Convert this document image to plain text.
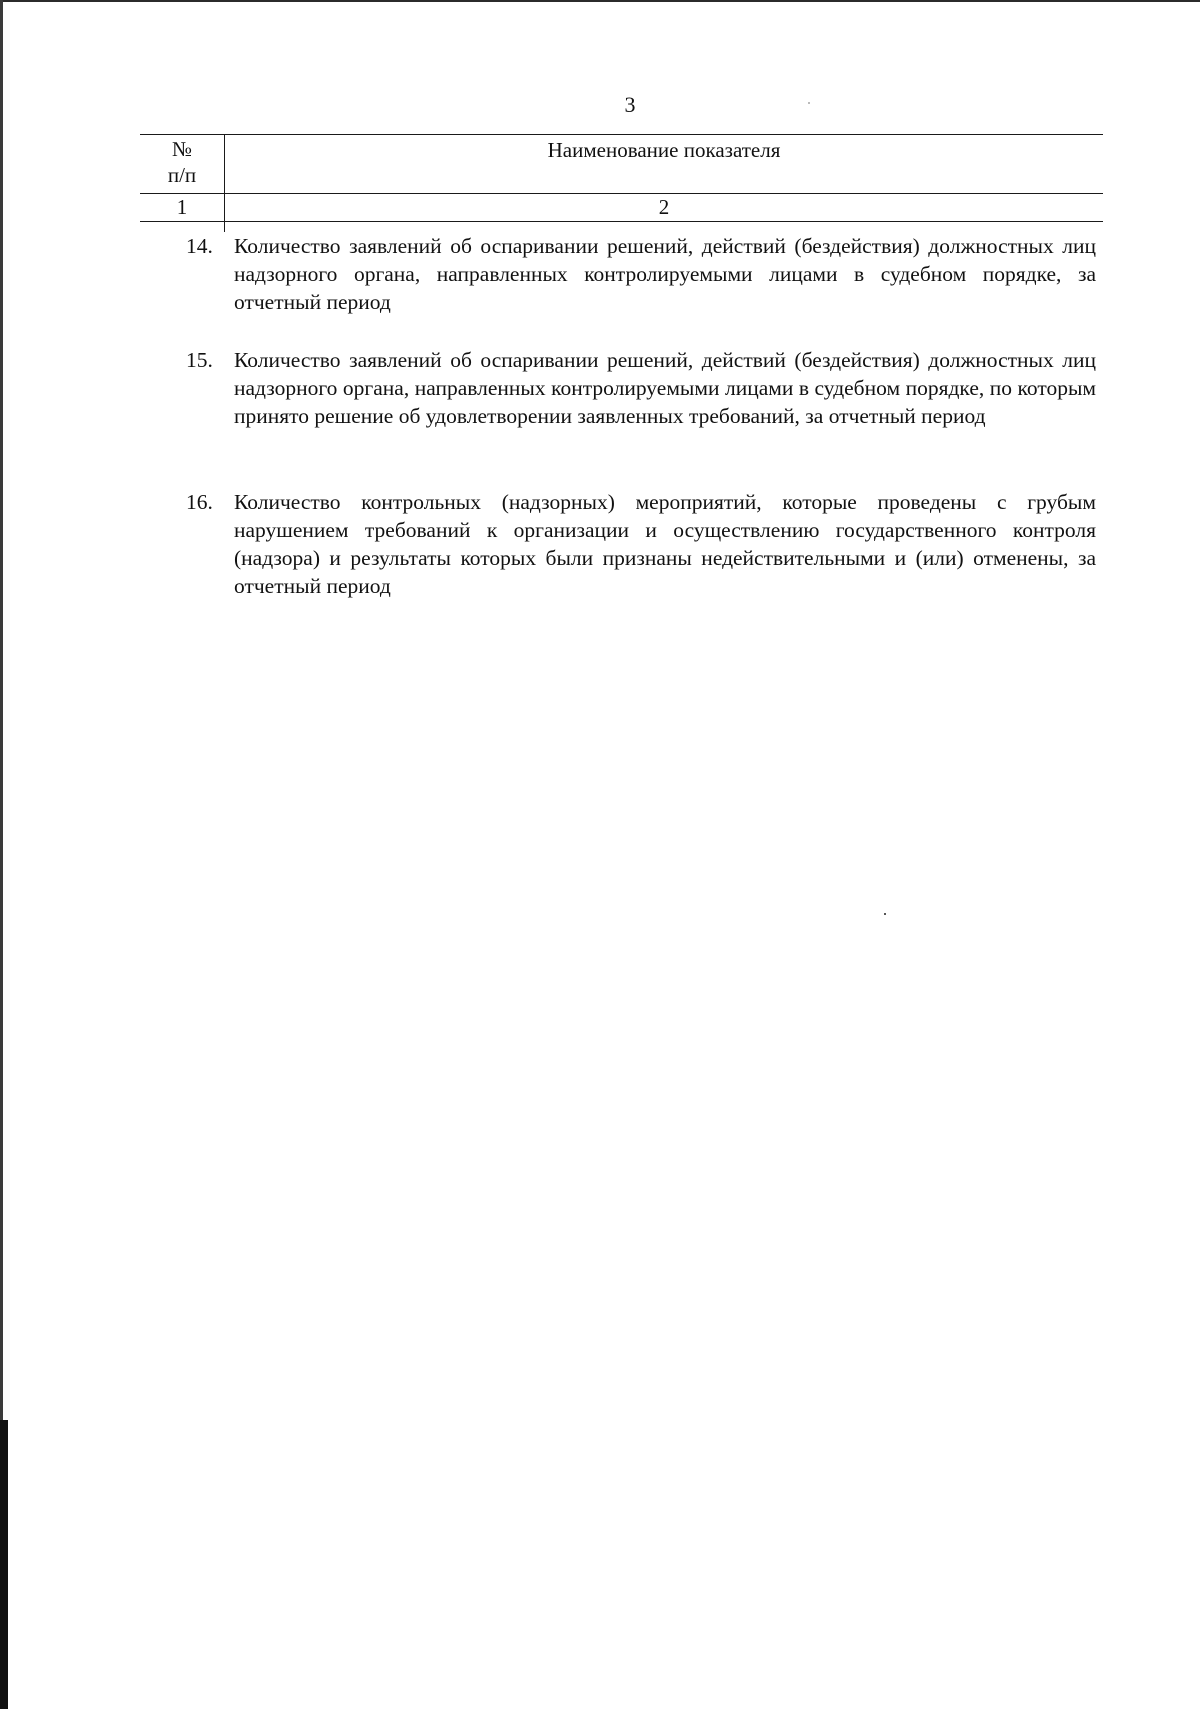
3
№
п/п
Наименование показателя
1	2
14. Количество заявлений об оспаривании решений, действий (бездействия) должностных лиц надзорного органа, направленных контролируемыми лицами в судебном порядке, за отчетный период
15. Количество заявлений об оспаривании решений, действий (бездействия) должностных лиц надзорного органа, направленных контролируемыми лицами в судебном порядке, по которым принято решение об удовлетворении заявленных требований, за отчетный период
16. Количество контрольных (надзорных) мероприятий, которые проведены с грубым нарушением требований к организации и осуществлению государственного контроля (надзора) и результаты которых были признаны недействительными и (или) отменены, за отчетный период
